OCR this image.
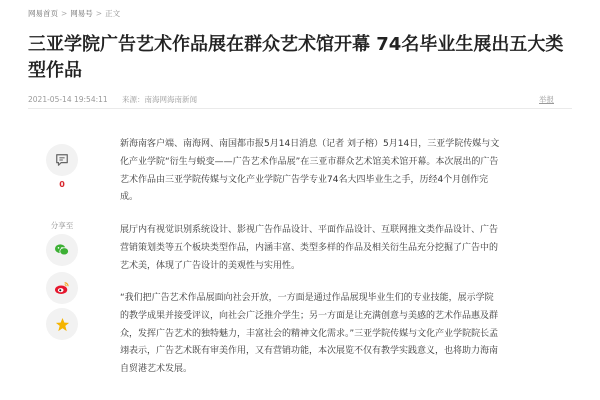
网易首页 > 网易号 > 正文
三亚学院广告艺术作品展在群众艺术馆开幕 74名毕业生展出五大类型作品
2021-05-14 19:54:11 来源：南海网海南新闻	举报
0
分享至

新海南客户端、南海网、南国都市报5月14日消息（记者 刘子榕）5月14日，三亚学院传媒与文化产业学院“衍生与蜕变——广告艺术作品展”在三亚市群众艺术馆美术馆开幕。本次展出的广告艺术作品由三亚学院传媒与文化产业学院广告学专业74名大四毕业生之手，历经4个月创作完成。

展厅内有视觉识别系统设计、影视广告作品设计、平面作品设计、互联网推文类作品设计、广告营销策划类等五个板块类型作品，内涵丰富、类型多样的作品及相关衍生品充分挖掘了广告中的艺术美，体现了广告设计的美观性与实用性。

“我们把广告艺术作品展面向社会开放，一方面是通过作品展现毕业生们的专业技能，展示学院的教学成果并接受评议，向社会广泛推介学生；另一方面是让充满创意与美感的艺术作品惠及群众，发挥广告艺术的独特魅力，丰富社会的精神文化需求。”三亚学院传媒与文化产业学院院长孟翊表示，广告艺术既有审美作用，又有营销功能，本次展览不仅有教学实践意义，也将助力海南自贸港艺术发展。
